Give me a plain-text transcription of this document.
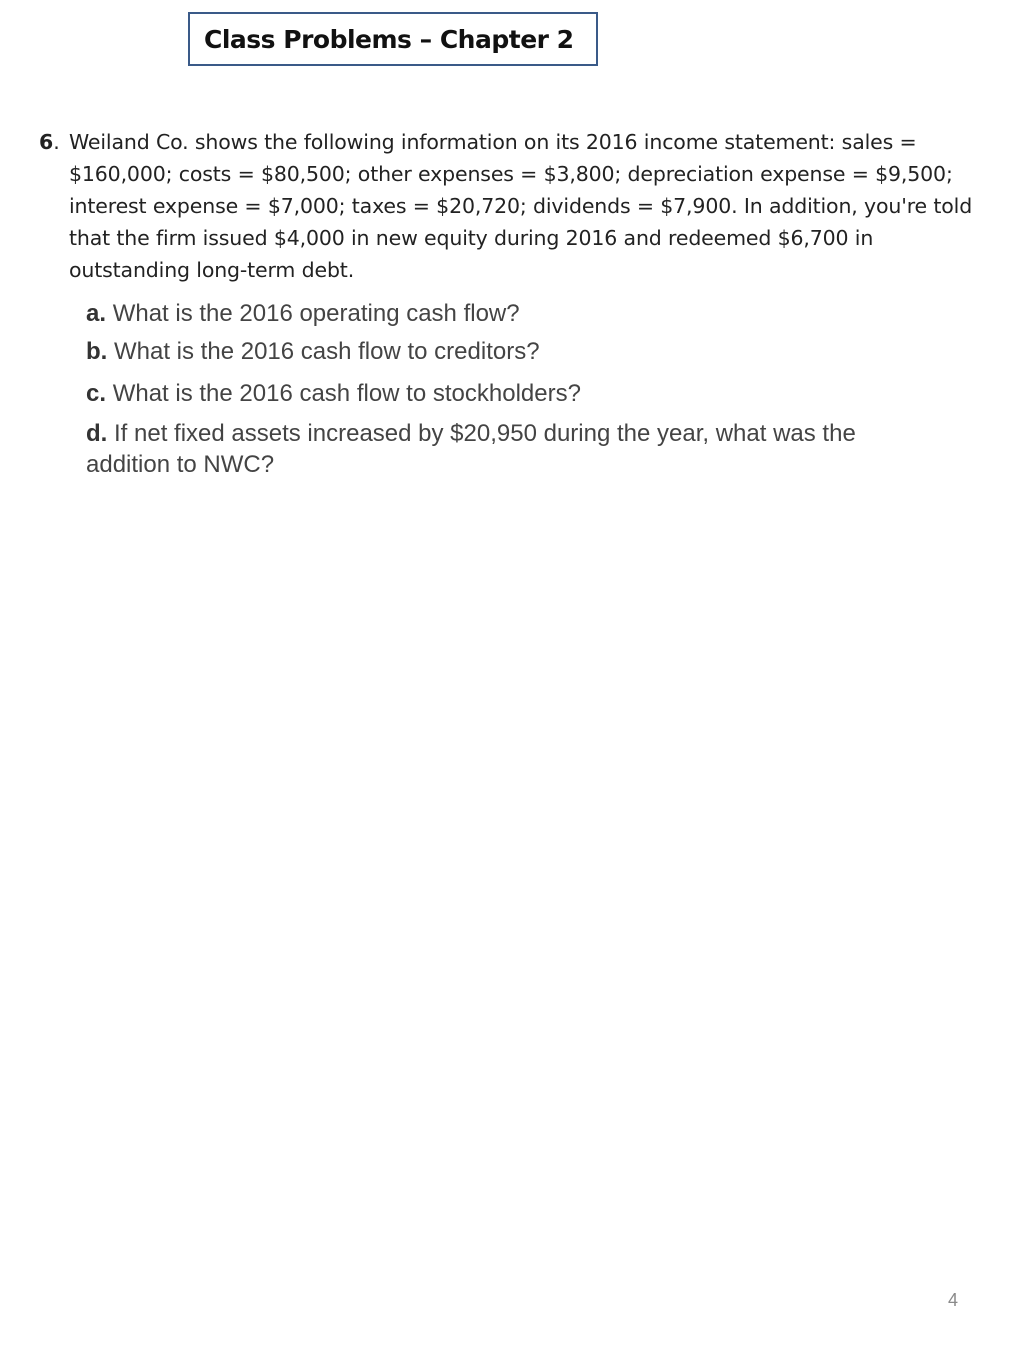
Class Problems – Chapter 2
6. Weiland Co. shows the following information on its 2016 income statement: sales = $160,000; costs = $80,500; other expenses = $3,800; depreciation expense = $9,500; interest expense = $7,000; taxes = $20,720; dividends = $7,900. In addition, you're told that the firm issued $4,000 in new equity during 2016 and redeemed $6,700 in outstanding long-term debt.
a. What is the 2016 operating cash flow?
b. What is the 2016 cash flow to creditors?
c. What is the 2016 cash flow to stockholders?
d. If net fixed assets increased by $20,950 during the year, what was the addition to NWC?
4
